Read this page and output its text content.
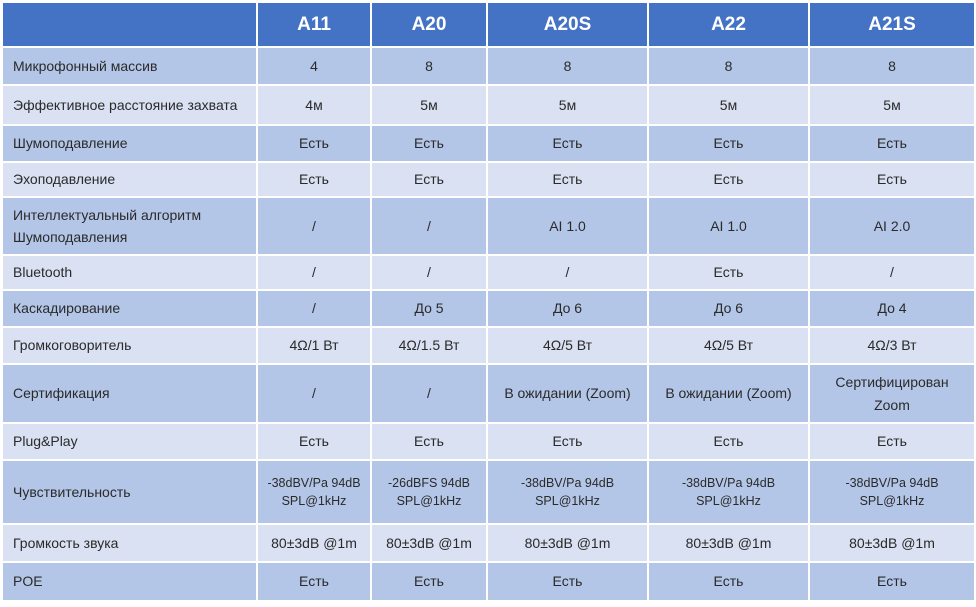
	A11	A20	A20S	A22	A21S
Микрофонный массив	4	8	8	8	8
Эффективное расстояние захвата	4м	5м	5м	5м	5м
Шумоподавление	Есть	Есть	Есть	Есть	Есть
Эхоподавление	Есть	Есть	Есть	Есть	Есть
Интеллектуальный алгоритм Шумоподавления	/	/	AI 1.0	AI 1.0	AI 2.0
Bluetooth	/	/	/	Есть	/
Каскадирование	/	До 5	До 6	До 6	До 4
Громкоговоритель	4Ω/1 Вт	4Ω/1.5 Вт	4Ω/5 Вт	4Ω/5 Вт	4Ω/3 Вт
Сертификация	/	/	В ожидании (Zoom)	В ожидании (Zoom)	Сертифицирован Zoom
Plug&Play	Есть	Есть	Есть	Есть	Есть
Чувствительность	-38dBV/Pa 94dB SPL@1kHz	-26dBFS 94dB SPL@1kHz	-38dBV/Pa 94dB SPL@1kHz	-38dBV/Pa 94dB SPL@1kHz	-38dBV/Pa 94dB SPL@1kHz
Громкость звука	80±3dB @1m	80±3dB @1m	80±3dB @1m	80±3dB @1m	80±3dB @1m
POE	Есть	Есть	Есть	Есть	Есть
